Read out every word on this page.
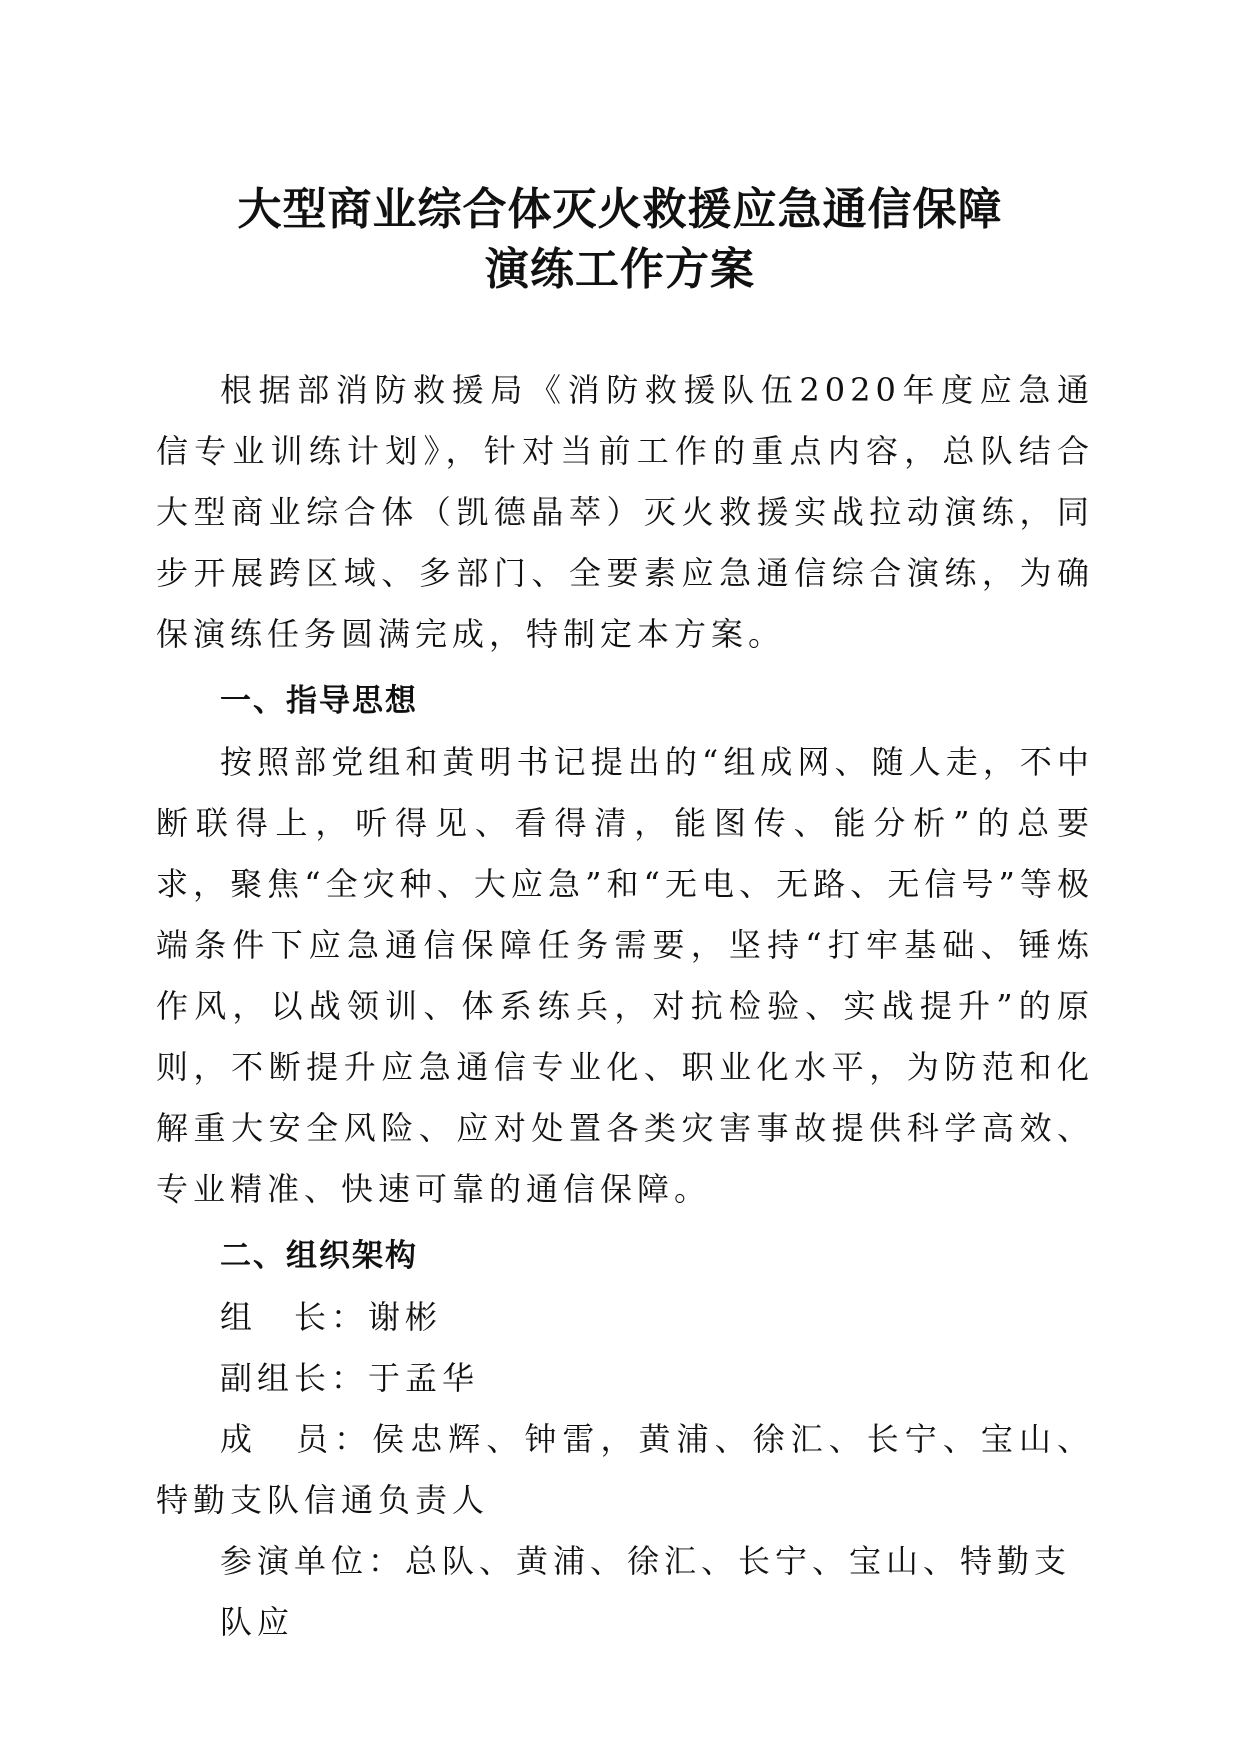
大型商业综合体灭火救援应急通信保障
演练工作方案

根据部消防救援局《消防救援队伍2020年度应急通信专业训练计划》，针对当前工作的重点内容，总队结合大型商业综合体（凯德晶萃）灭火救援实战拉动演练，同步开展跨区域、多部门、全要素应急通信综合演练，为确保演练任务圆满完成，特制定本方案。

一、指导思想

按照部党组和黄明书记提出的“组成网、随人走，不中断联得上，听得见、看得清，能图传、能分析”的总要求，聚焦“全灾种、大应急”和“无电、无路、无信号”等极端条件下应急通信保障任务需要，坚持“打牢基础、锤炼作风，以战领训、体系练兵，对抗检验、实战提升”的原则，不断提升应急通信专业化、职业化水平，为防范和化解重大安全风险、应对处置各类灾害事故提供科学高效、专业精准、快速可靠的通信保障。

二、组织架构

组　长：谢彬

副组长：于孟华

成　员：侯忠辉、钟雷，黄浦、徐汇、长宁、宝山、特勤支队信通负责人

参演单位：总队、黄浦、徐汇、长宁、宝山、特勤支队应
